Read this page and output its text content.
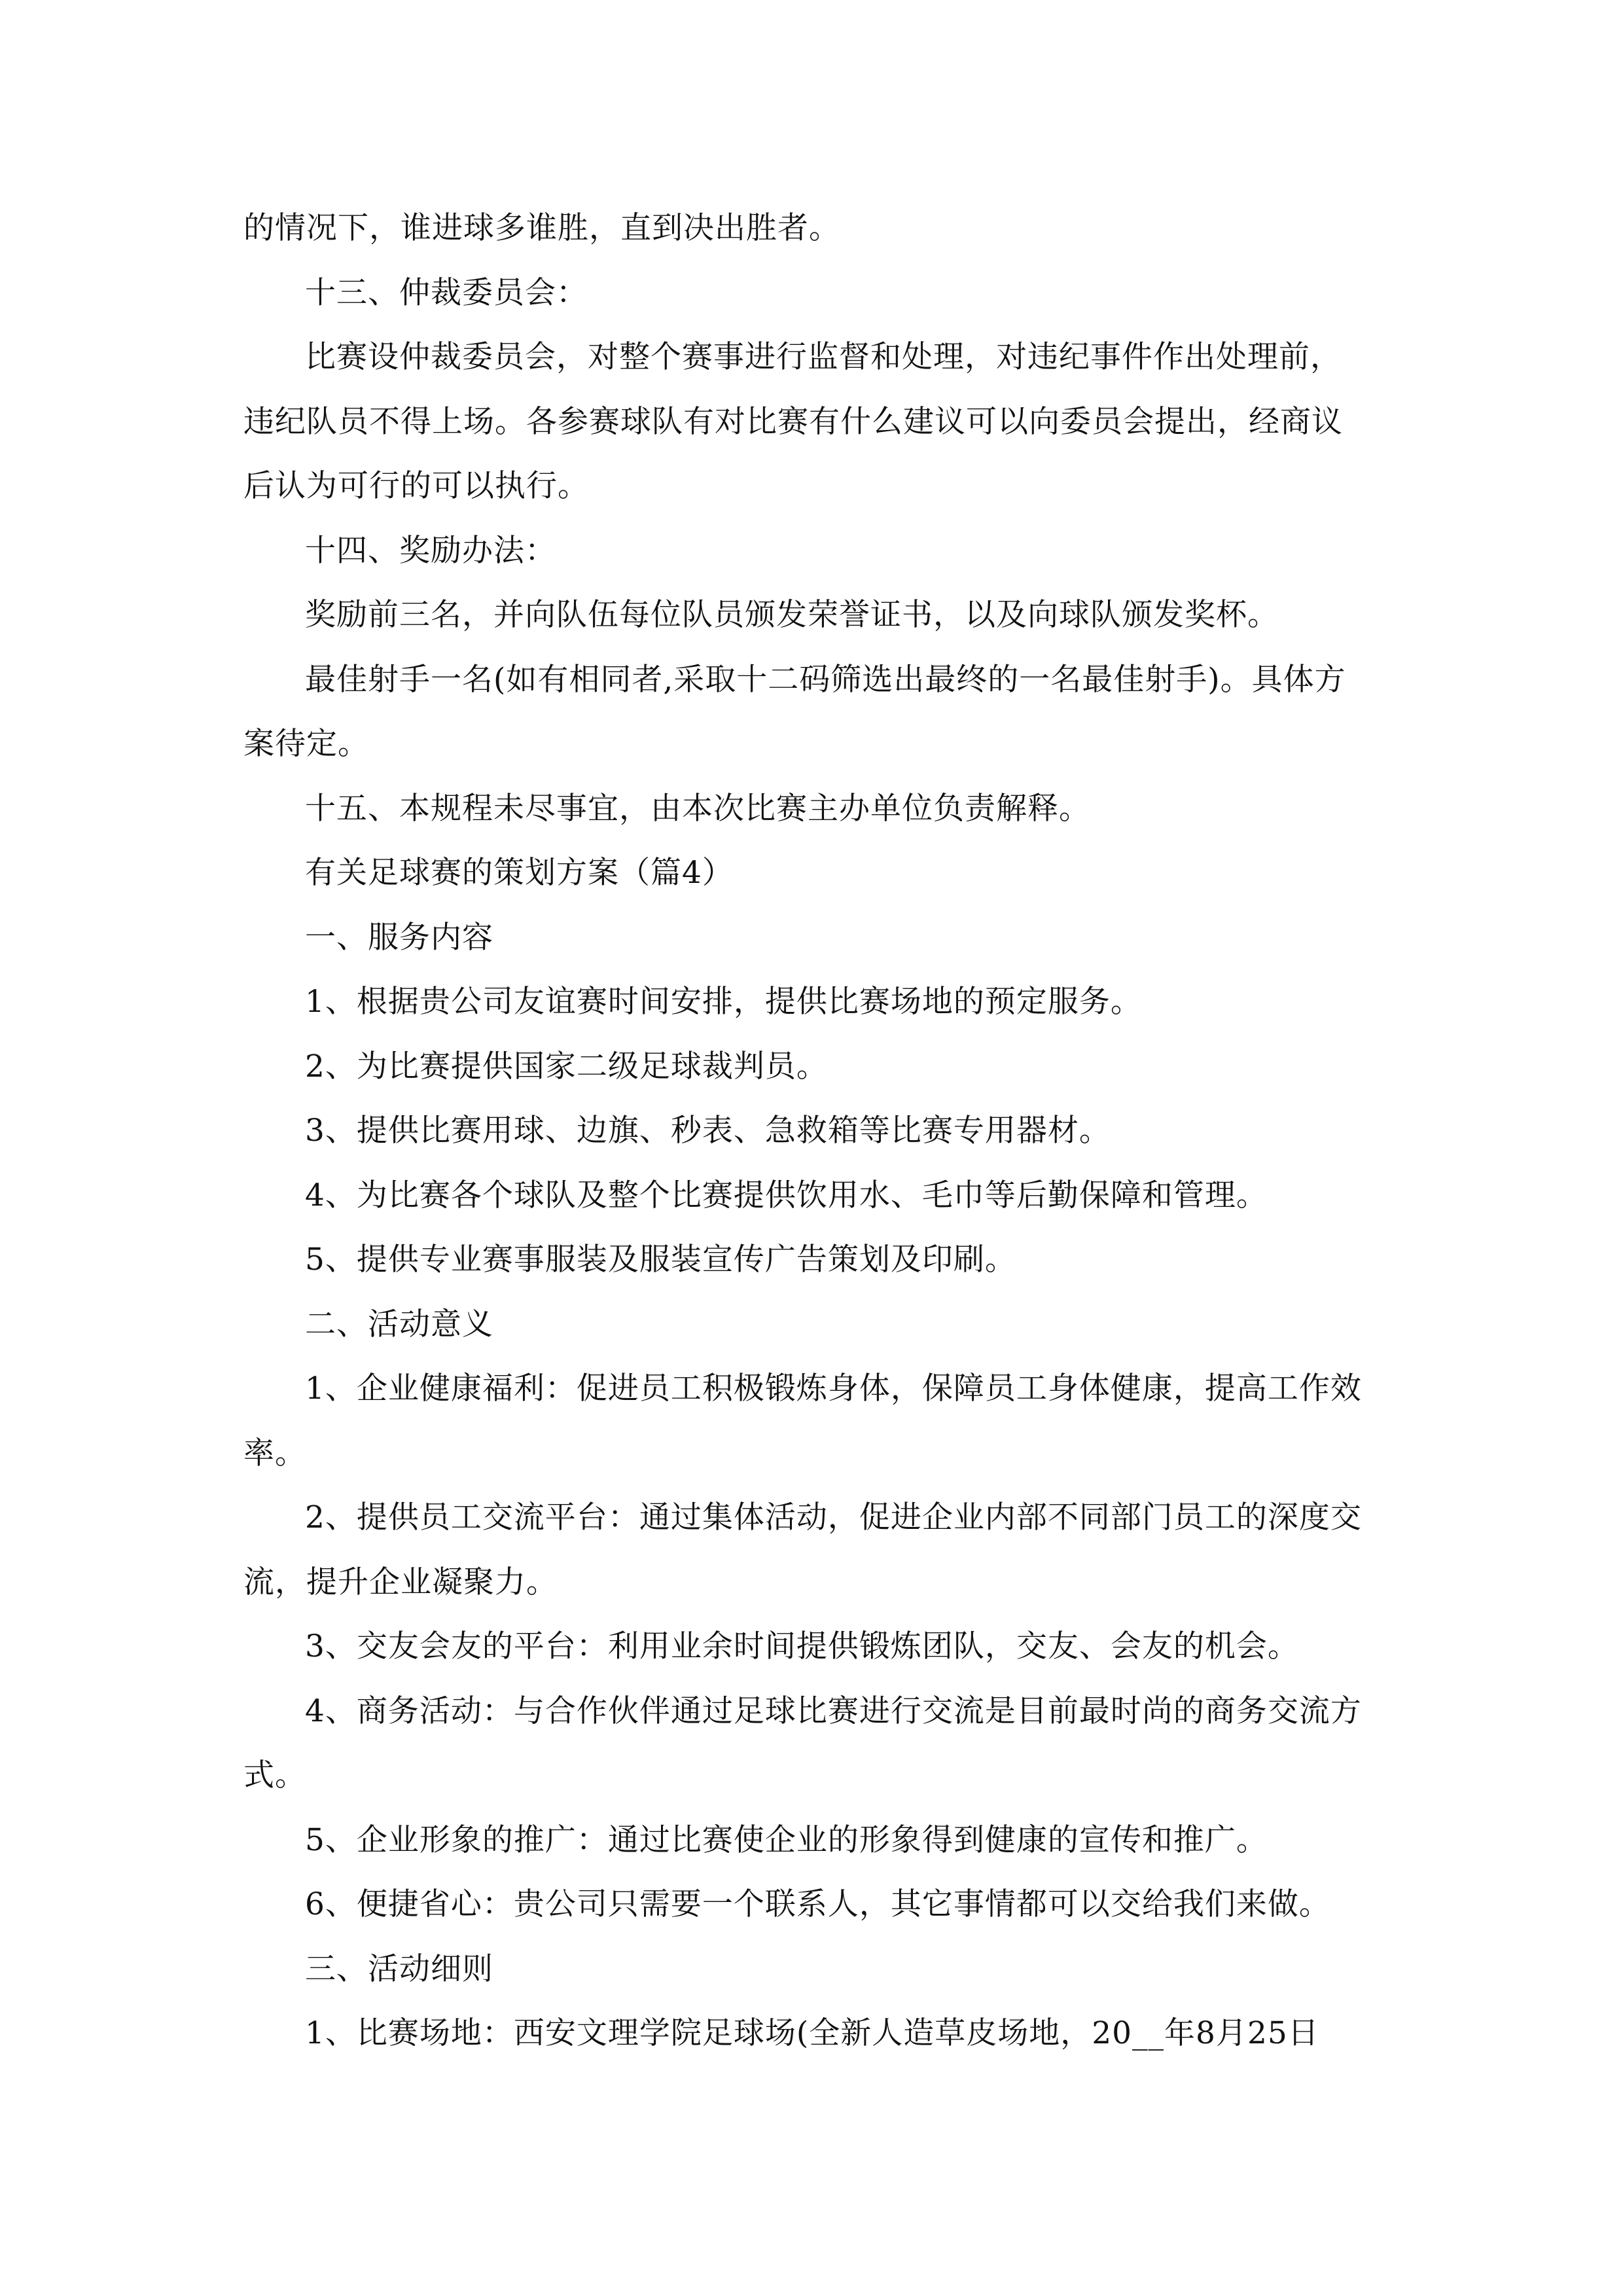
的情况下，谁进球多谁胜，直到决出胜者。

十三、仲裁委员会：

比赛设仲裁委员会，对整个赛事进行监督和处理，对违纪事件作出处理前，违纪队员不得上场。各参赛球队有对比赛有什么建议可以向委员会提出，经商议后认为可行的可以执行。

十四、奖励办法：

奖励前三名，并向队伍每位队员颁发荣誉证书，以及向球队颁发奖杯。

最佳射手一名(如有相同者,采取十二码筛选出最终的一名最佳射手)。具体方案待定。

十五、本规程未尽事宜，由本次比赛主办单位负责解释。

有关足球赛的策划方案（篇4）

一、服务内容

1、根据贵公司友谊赛时间安排，提供比赛场地的预定服务。

2、为比赛提供国家二级足球裁判员。

3、提供比赛用球、边旗、秒表、急救箱等比赛专用器材。

4、为比赛各个球队及整个比赛提供饮用水、毛巾等后勤保障和管理。

5、提供专业赛事服装及服装宣传广告策划及印刷。

二、活动意义

1、企业健康福利：促进员工积极锻炼身体，保障员工身体健康，提高工作效率。

2、提供员工交流平台：通过集体活动，促进企业内部不同部门员工的深度交流，提升企业凝聚力。

3、交友会友的平台：利用业余时间提供锻炼团队，交友、会友的机会。

4、商务活动：与合作伙伴通过足球比赛进行交流是目前最时尚的商务交流方式。

5、企业形象的推广：通过比赛使企业的形象得到健康的宣传和推广。

6、便捷省心：贵公司只需要一个联系人，其它事情都可以交给我们来做。

三、活动细则

1、比赛场地：西安文理学院足球场(全新人造草皮场地，20__年8月25日
